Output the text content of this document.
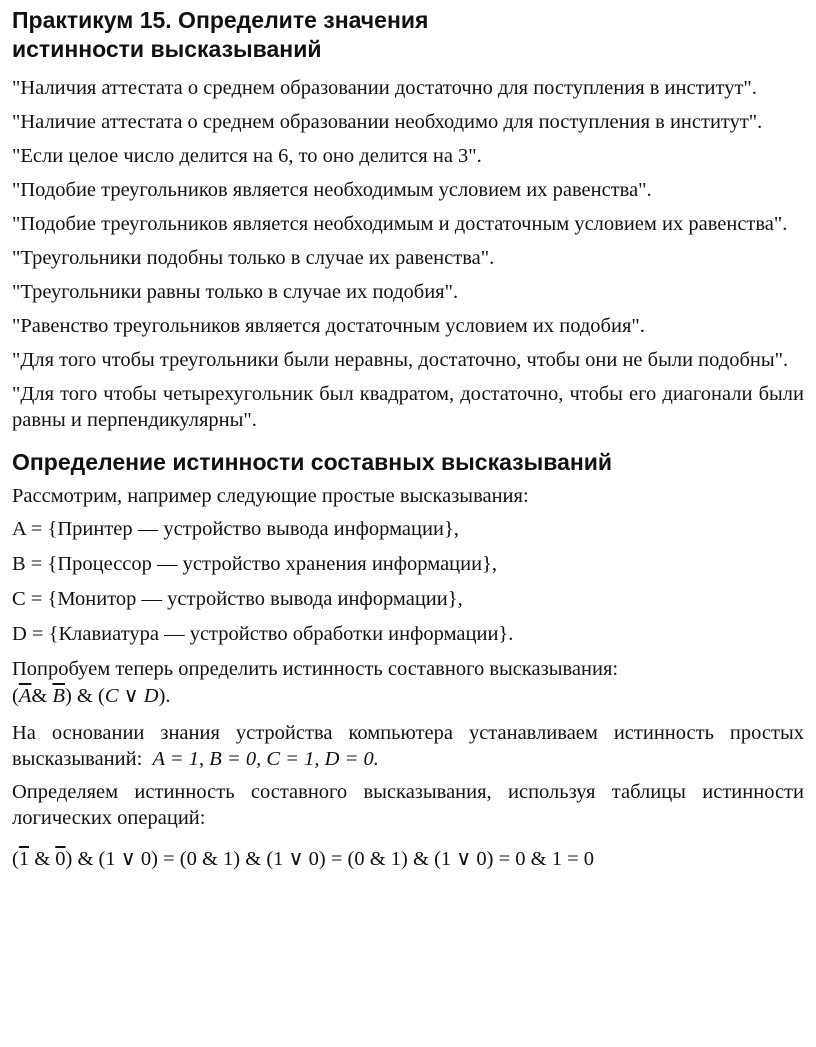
Практикум 15. Определите значения
истинности высказываний

"Наличия аттестата о среднем образовании достаточно для поступления в институт".

"Наличие аттестата о среднем образовании необходимо для поступления в институт".

"Если целое число делится на 6, то оно делится на 3".

"Подобие треугольников является необходимым условием их равенства".

"Подобие треугольников является необходимым и достаточным условием их равенства".

"Треугольники подобны только в случае их равенства".

"Треугольники равны только в случае их подобия".

"Равенство треугольников является достаточным условием их подобия".

"Для того чтобы треугольники были неравны, достаточно, чтобы они не были подобны".

"Для того чтобы четырехугольник был квадратом, достаточно, чтобы его диагонали были равны и перпендикулярны".

Определение истинности составных высказываний

Рассмотрим, например следующие простые высказывания:

A = {Принтер — устройство вывода информации},

B = {Процессор — устройство хранения информации},

C = {Монитор — устройство вывода информации},

D = {Клавиатура — устройство обработки информации}.

Попробуем теперь определить истинность составного высказывания:

($\overline{A}\&$ $\overline{B}$) & (C ∨ D).

На основании знания устройства компьютера устанавливаем истинность простых высказываний: A = 1, B = 0, C = 1, D = 0.

Определяем истинность составного высказывания, используя таблицы истинности логических операций:

(1 & 0) & (1 ∨ 0) = (0 & 1) & (1 ∨ 0) = (0 & 1) & (1 ∨ 0) = 0 & 1 = 0
